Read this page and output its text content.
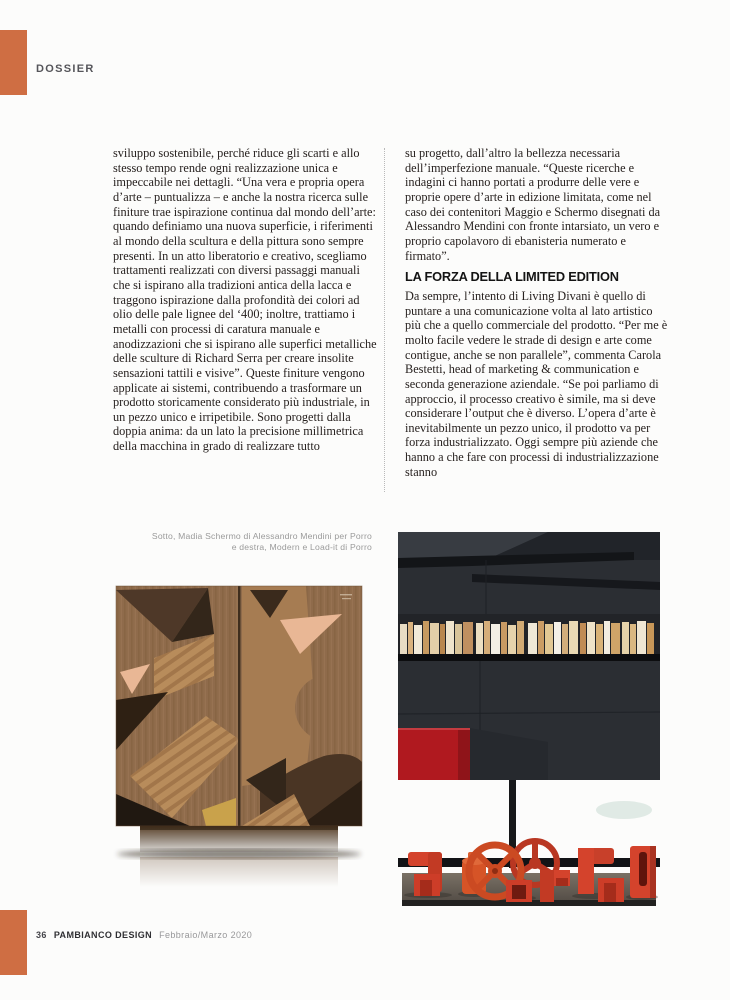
DOSSIER

sviluppo sostenibile, perché riduce gli scarti e allo stesso tempo rende ogni realizzazione unica e impeccabile nei dettagli. “Una vera e propria opera d’arte – puntualizza – e anche la nostra ricerca sulle finiture trae ispirazione continua dal mondo dell’arte: quando definiamo una nuova superficie, i riferimenti al mondo della scultura e della pittura sono sempre presenti. In un atto liberatorio e creativo, scegliamo trattamenti realizzati con diversi passaggi manuali che si ispirano alla tradizioni antica della lacca e traggono ispirazione dalla profondità dei colori ad olio delle pale lignee del ‘400; inoltre, trattiamo i metalli con processi di caratura manuale e anodizzazioni che si ispirano alle superfici metalliche delle sculture di Richard Serra per creare insolite sensazioni tattili e visive”. Queste finiture vengono applicate ai sistemi, contribuendo a trasformare un prodotto storicamente considerato più industriale, in un pezzo unico e irripetibile. Sono progetti dalla doppia anima: da un lato la precisione millimetrica della macchina in grado di realizzare tutto

su progetto, dall’altro la bellezza necessaria dell’imperfezione manuale. “Queste ricerche e indagini ci hanno portati a produrre delle vere e proprie opere d’arte in edizione limitata, come nel caso dei contenitori Maggio e Schermo disegnati da Alessandro Mendini con fronte intarsiato, un vero e proprio capolavoro di ebanisteria numerato e firmato”.

LA FORZA DELLA LIMITED EDITION

Da sempre, l’intento di Living Divani è quello di puntare a una comunicazione volta al lato artistico più che a quello commerciale del prodotto. “Per me è molto facile vedere le strade di design e arte come contigue, anche se non parallele”, commenta Carola Bestetti, head of marketing & communication e seconda generazione aziendale. “Se poi parliamo di approccio, il processo creativo è simile, ma si deve considerare l’output che è diverso. L’opera d’arte è inevitabilmente un pezzo unico, il prodotto va per forza industrializzato. Oggi sempre più aziende che hanno a che fare con processi di industrializzazione stanno

Sotto, Madia Schermo di Alessandro Mendini per Porro
e destra, Modern e Load-it di Porro
36 PAMBIANCO DESIGN Febbraio/Marzo 2020
